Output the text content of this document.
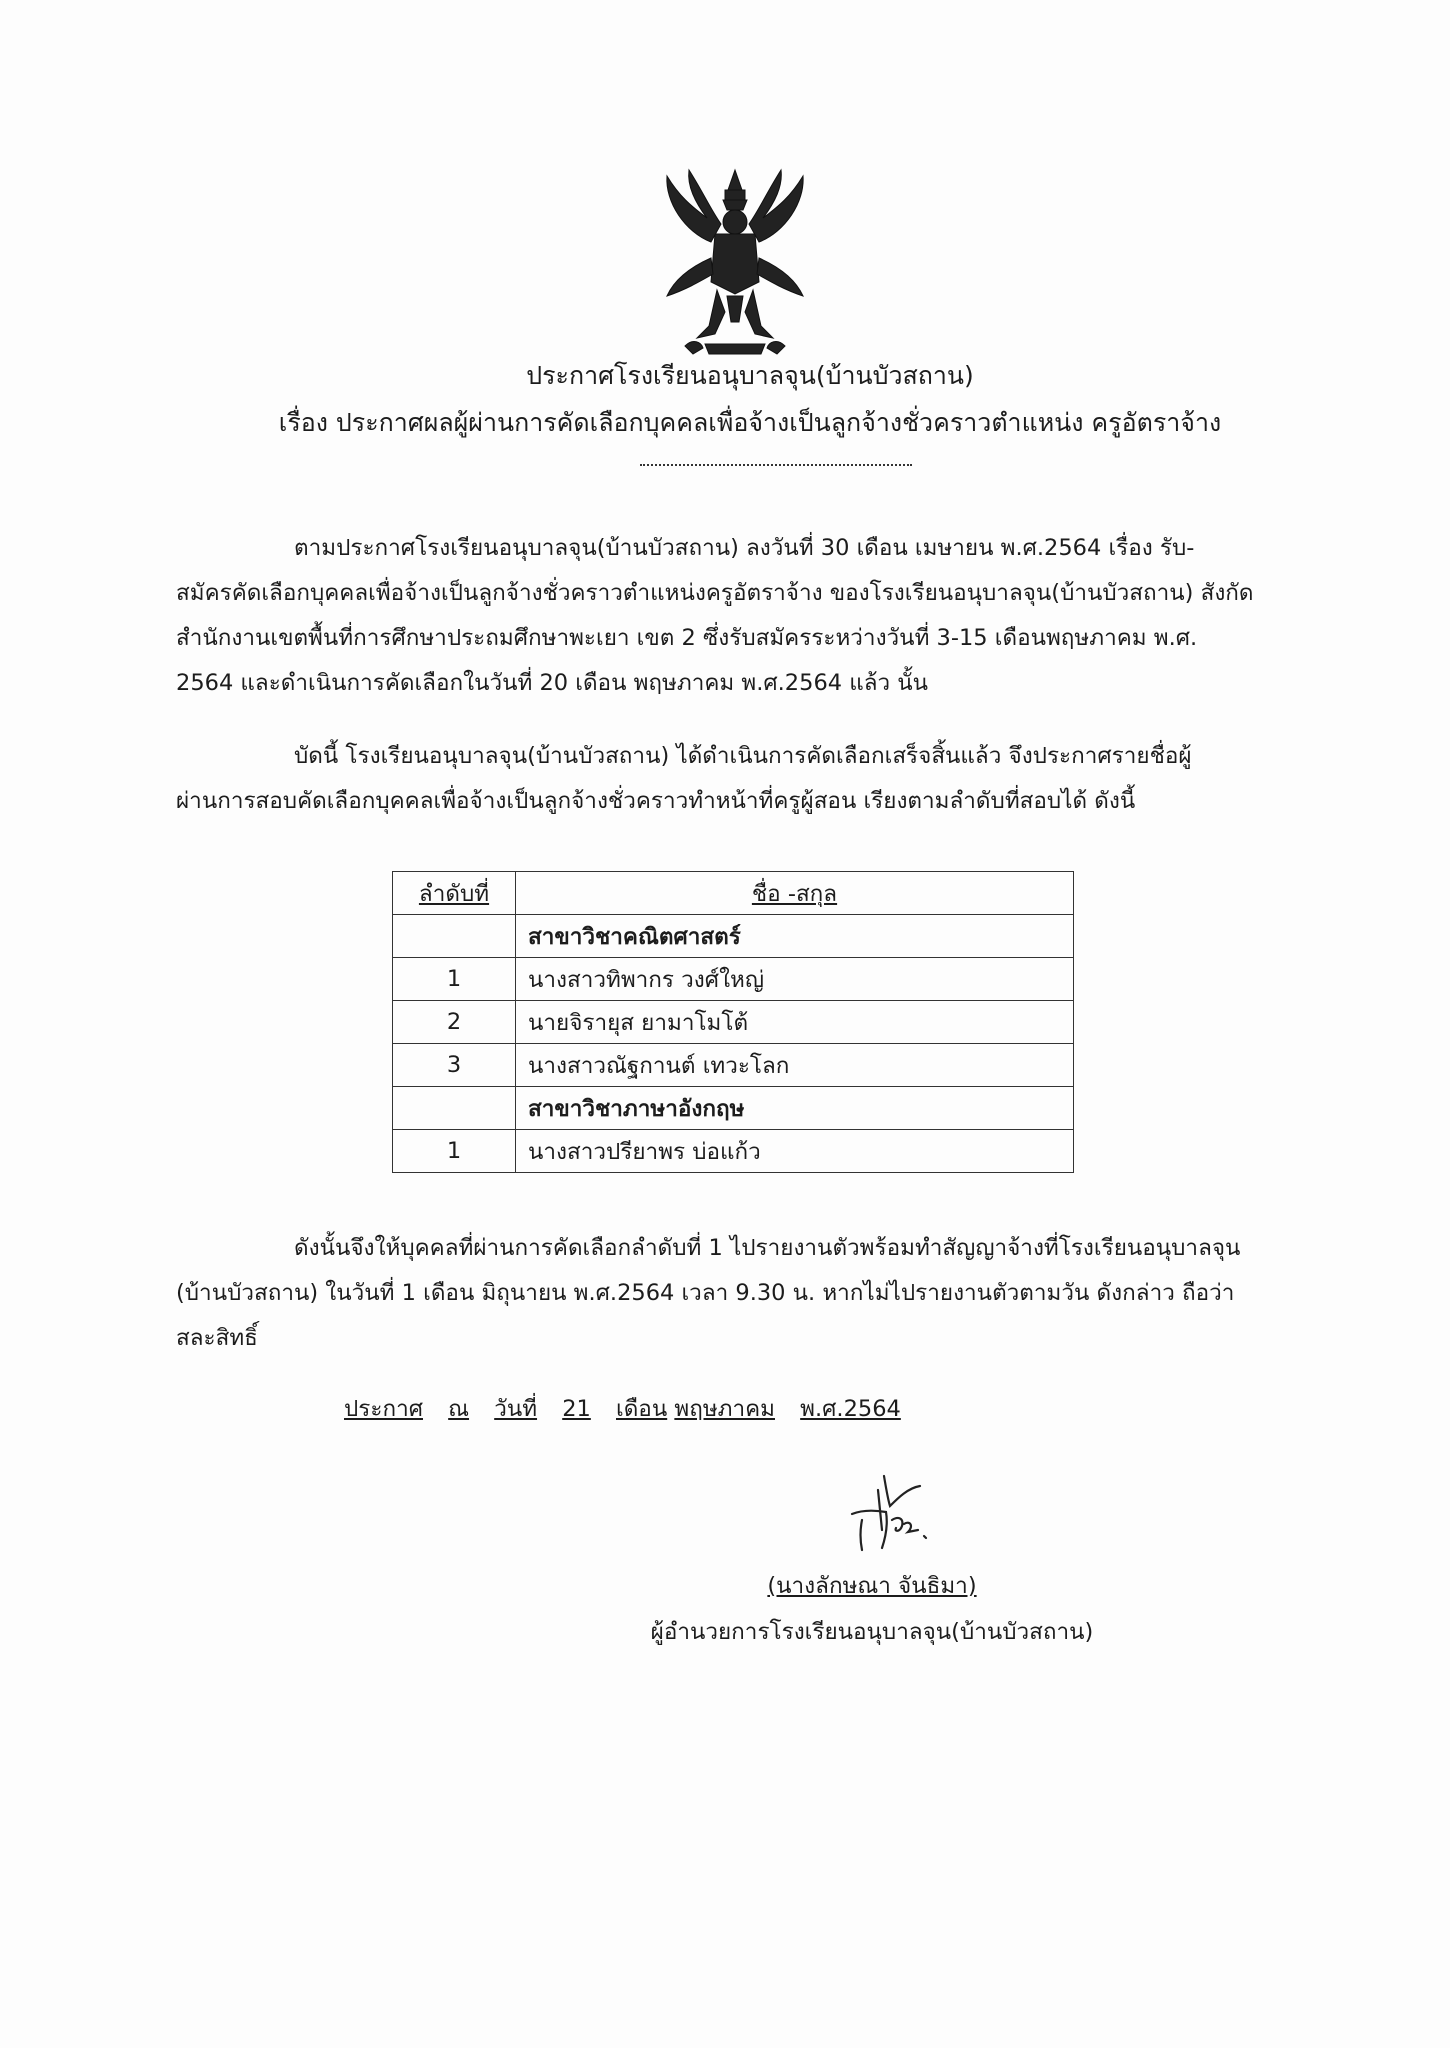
ประกาศโรงเรียนอนุบาลจุน(บ้านบัวสถาน)
เรื่อง ประกาศผลผู้ผ่านการคัดเลือกบุคคลเพื่อจ้างเป็นลูกจ้างชั่วคราวตำแหน่ง ครูอัตราจ้าง
ตามประกาศโรงเรียนอนุบาลจุน(บ้านบัวสถาน) ลงวันที่ 30 เดือน เมษายน พ.ศ.2564 เรื่อง รับ-
สมัครคัดเลือกบุคคลเพื่อจ้างเป็นลูกจ้างชั่วคราวตำแหน่งครูอัตราจ้าง ของโรงเรียนอนุบาลจุน(บ้านบัวสถาน) สังกัด
สำนักงานเขตพื้นที่การศึกษาประถมศึกษาพะเยา เขต 2 ซึ่งรับสมัครระหว่างวันที่ 3-15 เดือนพฤษภาคม พ.ศ.
2564 และดำเนินการคัดเลือกในวันที่ 20 เดือน พฤษภาคม พ.ศ.2564 แล้ว นั้น
บัดนี้ โรงเรียนอนุบาลจุน(บ้านบัวสถาน) ได้ดำเนินการคัดเลือกเสร็จสิ้นแล้ว จึงประกาศรายชื่อผู้
ผ่านการสอบคัดเลือกบุคคลเพื่อจ้างเป็นลูกจ้างชั่วคราวทำหน้าที่ครูผู้สอน เรียงตามลำดับที่สอบได้ ดังนี้
ลำดับที่	ชื่อ -สกุล
	สาขาวิชาคณิตศาสตร์
1	นางสาวทิพากร วงศ์ใหญ่
2	นายจิรายุส ยามาโมโต้
3	นางสาวณัฐกานต์ เทวะโลก
	สาขาวิชาภาษาอังกฤษ
1	นางสาวปรียาพร บ่อแก้ว
ดังนั้นจึงให้บุคคลที่ผ่านการคัดเลือกลำดับที่ 1 ไปรายงานตัวพร้อมทำสัญญาจ้างที่โรงเรียนอนุบาลจุน
(บ้านบัวสถาน) ในวันที่ 1 เดือน มิถุนายน พ.ศ.2564 เวลา 9.30 น. หากไม่ไปรายงานตัวตามวัน ดังกล่าว ถือว่า
สละสิทธิ์
ประกาศ ณ วันที่ 21 เดือน พฤษภาคม พ.ศ.2564
(นางลักษณา จันธิมา)
ผู้อำนวยการโรงเรียนอนุบาลจุน(บ้านบัวสถาน)
